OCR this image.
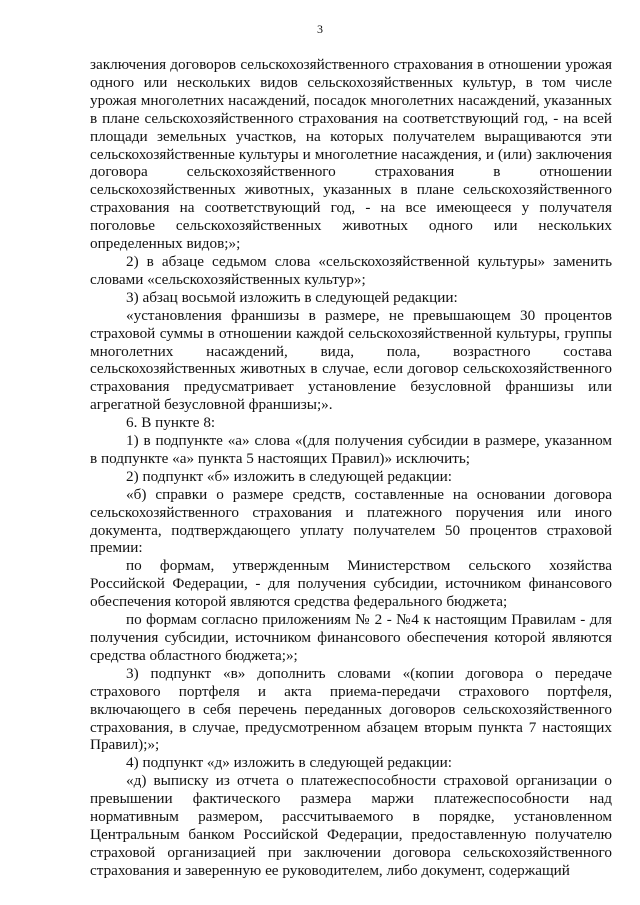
3

заключения договоров сельскохозяйственного страхования в отношении урожая одного или нескольких видов сельскохозяйственных культур, в том числе урожая многолетних насаждений, посадок многолетних насаждений, указанных в плане сельскохозяйственного страхования на соответствующий год, - на всей площади земельных участков, на которых получателем выращиваются эти сельскохозяйственные культуры и многолетние насаждения, и (или) заключения договора сельскохозяйственного страхования в отношении сельскохозяйственных животных, указанных в плане сельскохозяйственного страхования на соответствующий год, - на все имеющееся у получателя поголовье сельскохозяйственных животных одного или нескольких определенных видов;»;

2) в абзаце седьмом слова «сельскохозяйственной культуры» заменить словами «сельскохозяйственных культур»;

3) абзац восьмой изложить в следующей редакции:

«установления франшизы в размере, не превышающем 30 процентов страховой суммы в отношении каждой сельскохозяйственной культуры, группы многолетних насаждений, вида, пола, возрастного состава сельскохозяйственных животных в случае, если договор сельскохозяйственного страхования предусматривает установление безусловной франшизы или агрегатной безусловной франшизы;».

6. В пункте 8:

1) в подпункте «а» слова «(для получения субсидии в размере, указанном в подпункте «а» пункта 5 настоящих Правил)» исключить;

2) подпункт «б» изложить в следующей редакции:

«б) справки о размере средств, составленные на основании договора сельскохозяйственного страхования и платежного поручения или иного документа, подтверждающего уплату получателем 50 процентов страховой премии:

по формам, утвержденным Министерством сельского хозяйства Российской Федерации, - для получения субсидии, источником финансового обеспечения которой являются средства федерального бюджета;

по формам согласно приложениям № 2 - №4 к настоящим Правилам - для получения субсидии, источником финансового обеспечения которой являются средства областного бюджета;»;

3) подпункт «в» дополнить словами «(копии договора о передаче страхового портфеля и акта приема-передачи страхового портфеля, включающего в себя перечень переданных договоров сельскохозяйственного страхования, в случае, предусмотренном абзацем вторым пункта 7 настоящих Правил);»;

4) подпункт «д» изложить в следующей редакции:

«д) выписку из отчета о платежеспособности страховой организации о превышении фактического размера маржи платежеспособности над нормативным размером, рассчитываемого в порядке, установленном Центральным банком Российской Федерации, предоставленную получателю страховой организацией при заключении договора сельскохозяйственного страхования и заверенную ее руководителем, либо документ, содержащий
